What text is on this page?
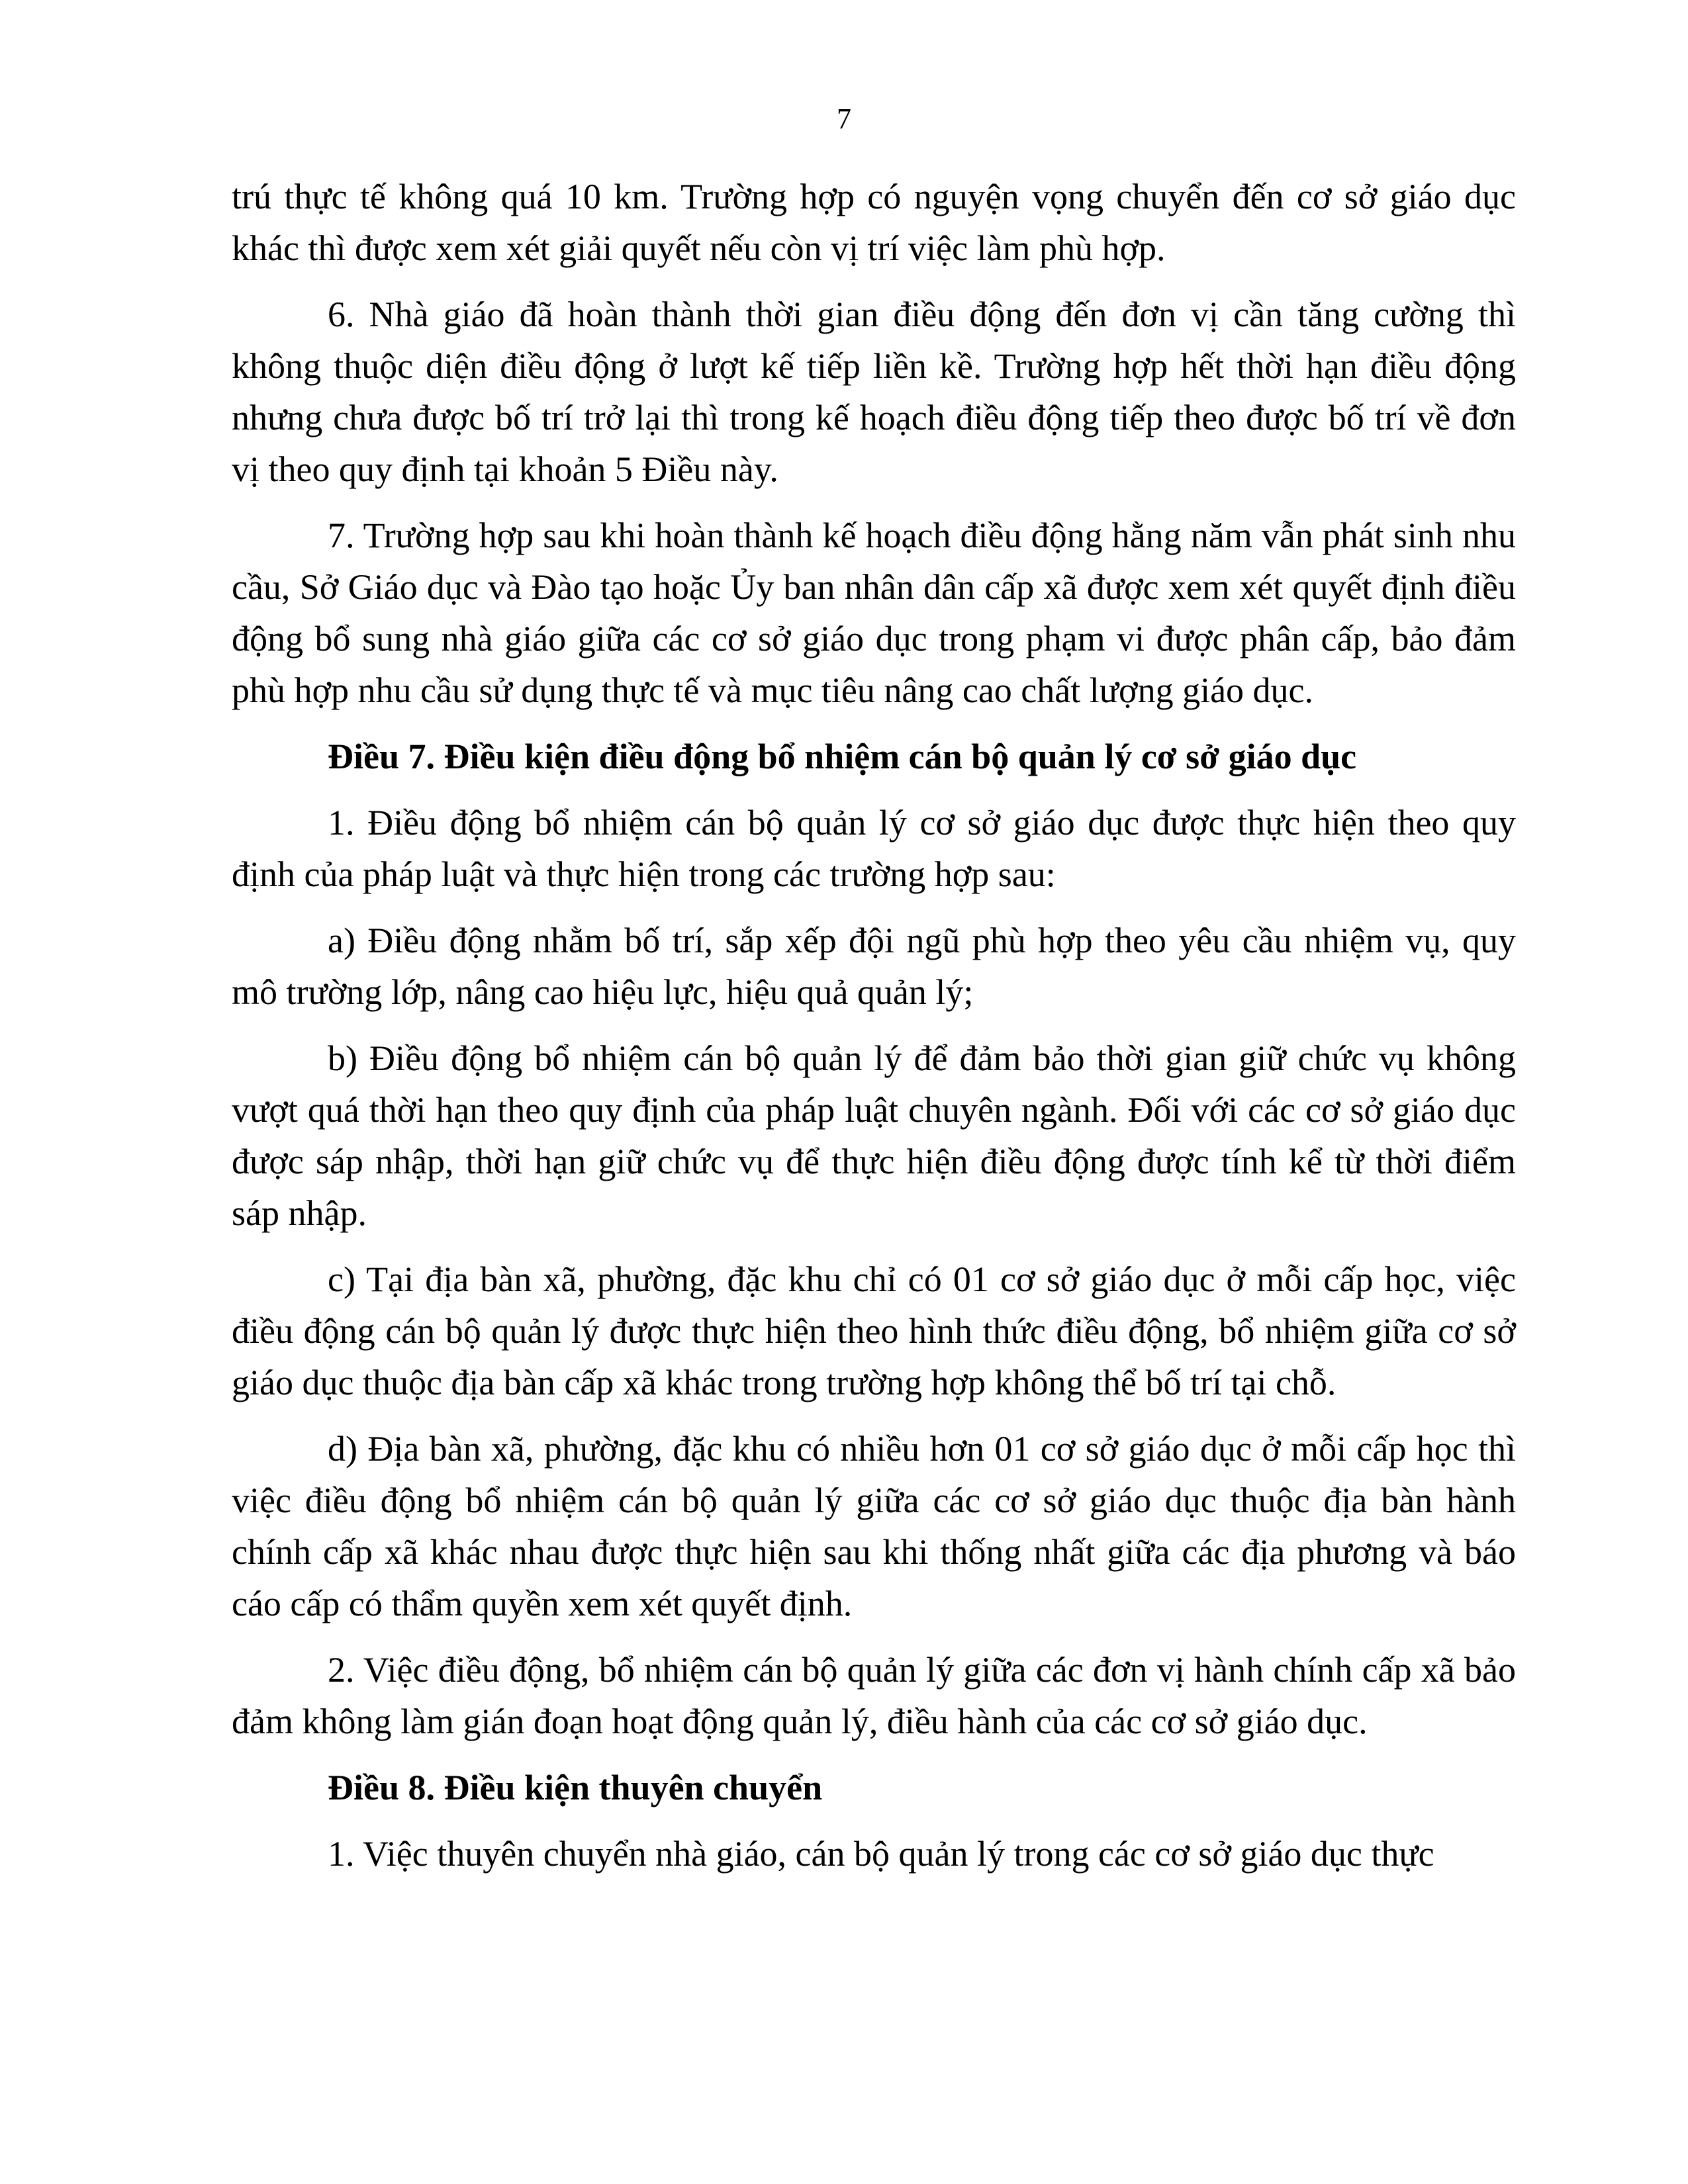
7

trú thực tế không quá 10 km. Trường hợp có nguyện vọng chuyển đến cơ sở giáo dục khác thì được xem xét giải quyết nếu còn vị trí việc làm phù hợp.

6. Nhà giáo đã hoàn thành thời gian điều động đến đơn vị cần tăng cường thì không thuộc diện điều động ở lượt kế tiếp liền kề. Trường hợp hết thời hạn điều động nhưng chưa được bố trí trở lại thì trong kế hoạch điều động tiếp theo được bố trí về đơn vị theo quy định tại khoản 5 Điều này.

7. Trường hợp sau khi hoàn thành kế hoạch điều động hằng năm vẫn phát sinh nhu cầu, Sở Giáo dục và Đào tạo hoặc Ủy ban nhân dân cấp xã được xem xét quyết định điều động bổ sung nhà giáo giữa các cơ sở giáo dục trong phạm vi được phân cấp, bảo đảm phù hợp nhu cầu sử dụng thực tế và mục tiêu nâng cao chất lượng giáo dục.

Điều 7. Điều kiện điều động bổ nhiệm cán bộ quản lý cơ sở giáo dục

1. Điều động bổ nhiệm cán bộ quản lý cơ sở giáo dục được thực hiện theo quy định của pháp luật và thực hiện trong các trường hợp sau:

a) Điều động nhằm bố trí, sắp xếp đội ngũ phù hợp theo yêu cầu nhiệm vụ, quy mô trường lớp, nâng cao hiệu lực, hiệu quả quản lý;

b) Điều động bổ nhiệm cán bộ quản lý để đảm bảo thời gian giữ chức vụ không vượt quá thời hạn theo quy định của pháp luật chuyên ngành. Đối với các cơ sở giáo dục được sáp nhập, thời hạn giữ chức vụ để thực hiện điều động được tính kể từ thời điểm sáp nhập.

c) Tại địa bàn xã, phường, đặc khu chỉ có 01 cơ sở giáo dục ở mỗi cấp học, việc điều động cán bộ quản lý được thực hiện theo hình thức điều động, bổ nhiệm giữa cơ sở giáo dục thuộc địa bàn cấp xã khác trong trường hợp không thể bố trí tại chỗ.

d) Địa bàn xã, phường, đặc khu có nhiều hơn 01 cơ sở giáo dục ở mỗi cấp học thì việc điều động bổ nhiệm cán bộ quản lý giữa các cơ sở giáo dục thuộc địa bàn hành chính cấp xã khác nhau được thực hiện sau khi thống nhất giữa các địa phương và báo cáo cấp có thẩm quyền xem xét quyết định.

2. Việc điều động, bổ nhiệm cán bộ quản lý giữa các đơn vị hành chính cấp xã bảo đảm không làm gián đoạn hoạt động quản lý, điều hành của các cơ sở giáo dục.

Điều 8. Điều kiện thuyên chuyển

1. Việc thuyên chuyển nhà giáo, cán bộ quản lý trong các cơ sở giáo dục thực
